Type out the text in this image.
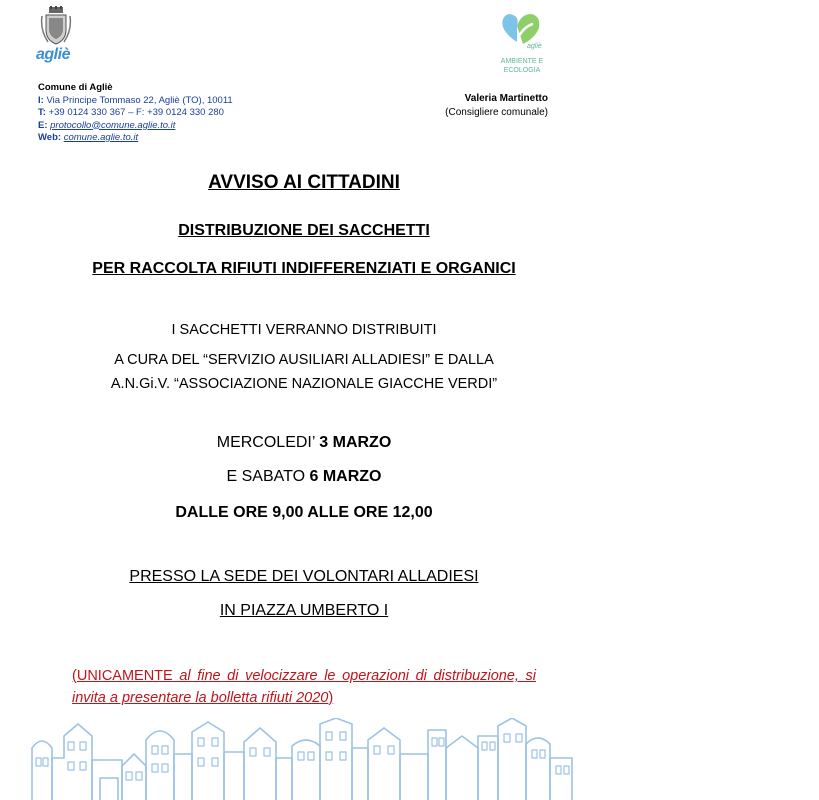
agliè
Comune di Agliè
I: Via Principe Tommaso 22, Agliè (TO), 10011
T: +39 0124 330 367 – F: +39 0124 330 280
E: protocollo@comune.aglie.to.it
Web: comune.aglie.to.it
agliè
AMBIENTE E
ECOLOGIA
Valeria Martinetto
(Consigliere comunale)
AVVISO AI CITTADINI
DISTRIBUZIONE DEI SACCHETTI
PER RACCOLTA RIFIUTI INDIFFERENZIATI E ORGANICI
I SACCHETTI VERRANNO DISTRIBUITI
A CURA DEL “SERVIZIO AUSILIARI ALLADIESI” E DALLA
A.N.Gi.V. “ASSOCIAZIONE NAZIONALE GIACCHE VERDI”
MERCOLEDI’ 3 MARZO
E SABATO 6 MARZO
DALLE ORE 9,00 ALLE ORE 12,00
PRESSO LA SEDE DEI VOLONTARI ALLADIESI
IN PIAZZA UMBERTO I
(UNICAMENTE al fine di velocizzare le operazioni di distribuzione, si invita a presentare la bolletta rifiuti 2020)
